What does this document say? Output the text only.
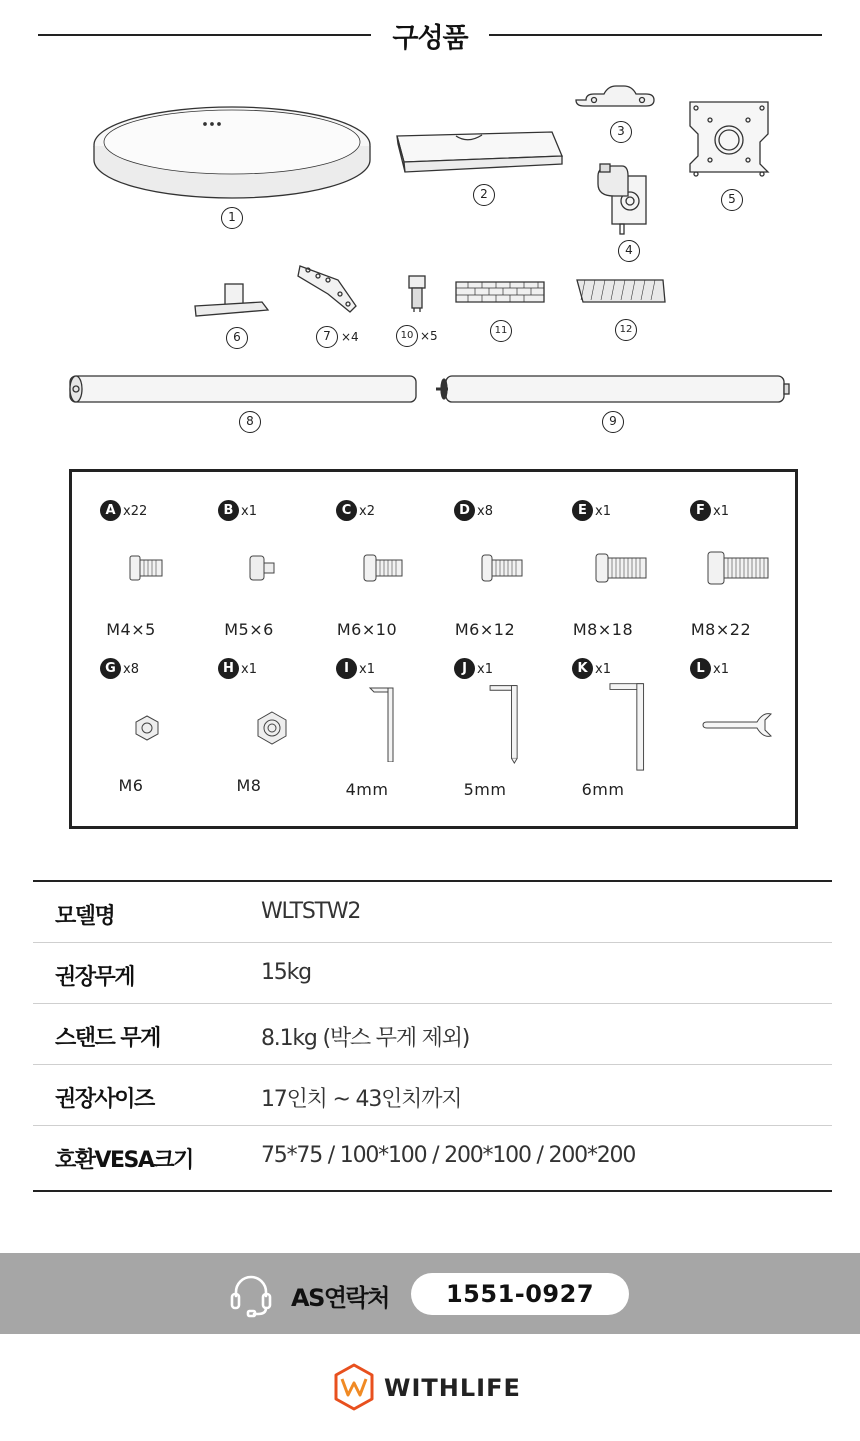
구성품
1
2
3
4
5
6	7 ×4	10 ×5	11	12
8	9
A x22
M4×5
B x1
M5×6
C x2
M6×10
D x8
M6×12
E x1
M8×18
F x1
M8×22
G x8
M6
H x1
M8
I x1
4mm
J x1
5mm
K x1
6mm
L x1
모델명	WLTSTW2
권장무게	15kg
스탠드 무게	8.1kg (박스 무게 제외)
권장사이즈	17인치 ~ 43인치까지
호환VESA크기	75*75 / 100*100 / 200*100 / 200*200
AS연락처	1551-0927
WITHLIFE
